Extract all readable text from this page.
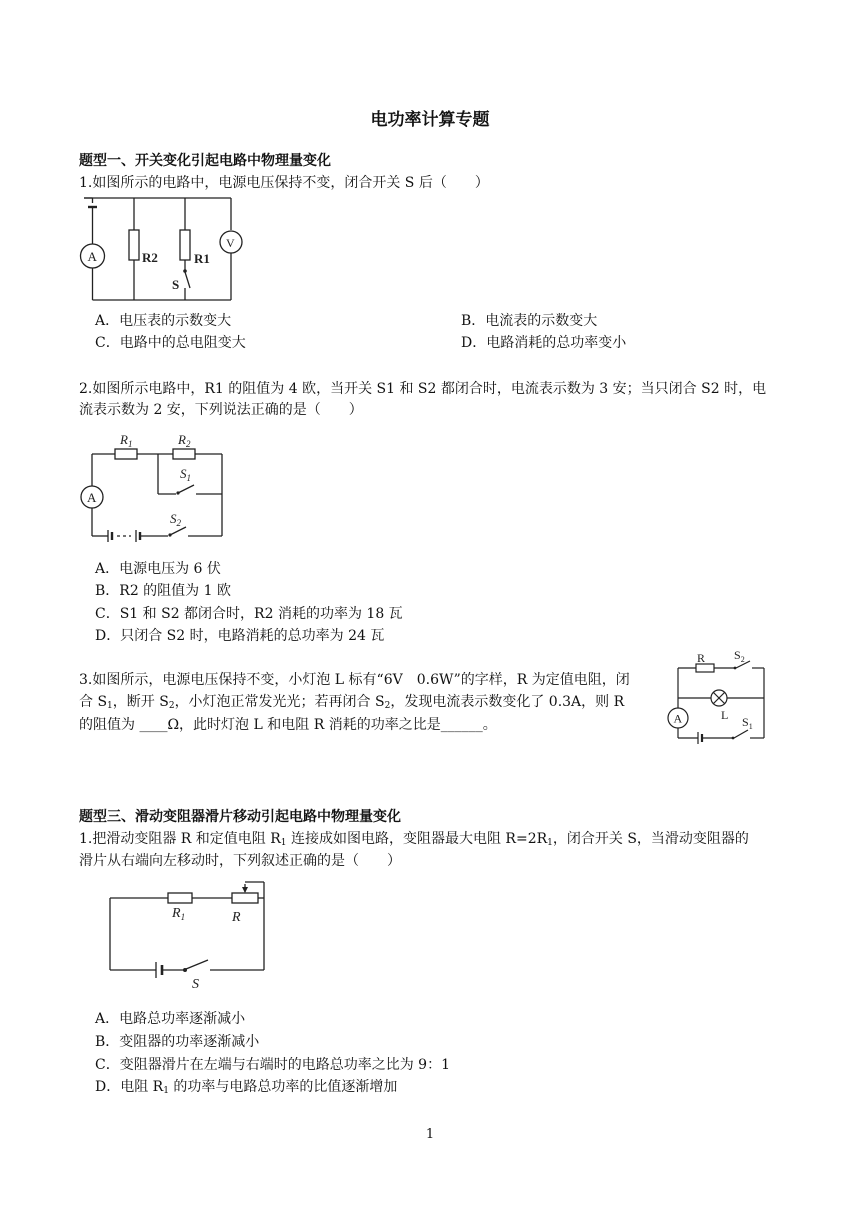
电功率计算专题
题型一、开关变化引起电路中物理量变化
1.如图所示的电路中，电源电压保持不变，闭合开关 S 后（　　）
A
V
R2	R1
S
A．电压表的示数变大	B．电流表的示数变大
C．电路中的总电阻变大	D．电路消耗的总功率变小
2.如图所示电路中，R1 的阻值为 4 欧，当开关 S1 和 S2 都闭合时，电流表示数为 3 安；当只闭合 S2 时，电
流表示数为 2 安，下列说法正确的是（　　）
A
$R_1$	$R_2$
$S_1$
$S_2$
A．电源电压为 6 伏
B．R2 的阻值为 1 欧
C．S1 和 S2 都闭合时，R2 消耗的功率为 18 瓦
D．只闭合 S2 时，电路消耗的总功率为 24 瓦
3.如图所示，电源电压保持不变，小灯泡 L 标有“6V　0.6W”的字样，R 为定值电阻，闭
合 $S_1$，断开 $S_2$，小灯泡正常发光光；若再闭合 $S_2$，发现电流表示数变化了 0.3A，则 R
的阻值为 ____Ω，此时灯泡 L 和电阻 R 消耗的功率之比是______。	A
R $S_2$
L $S_1$
题型三、滑动变阻器滑片移动引起电路中物理量变化
1.把滑动变阻器 R 和定值电阻 $R_1$ 连接成如图电路，变阻器最大电阻 $R=2R_1$，闭合开关 S，当滑动变阻器的
滑片从右端向左移动时，下列叙述正确的是（　　）
$R_1$	R
S
A．电路总功率逐渐减小
B．变阻器的功率逐渐减小
C．变阻器滑片在左端与右端时的电路总功率之比为 9：1
D．电阻 $R_1$ 的功率与电路总功率的比值逐渐增加
1
